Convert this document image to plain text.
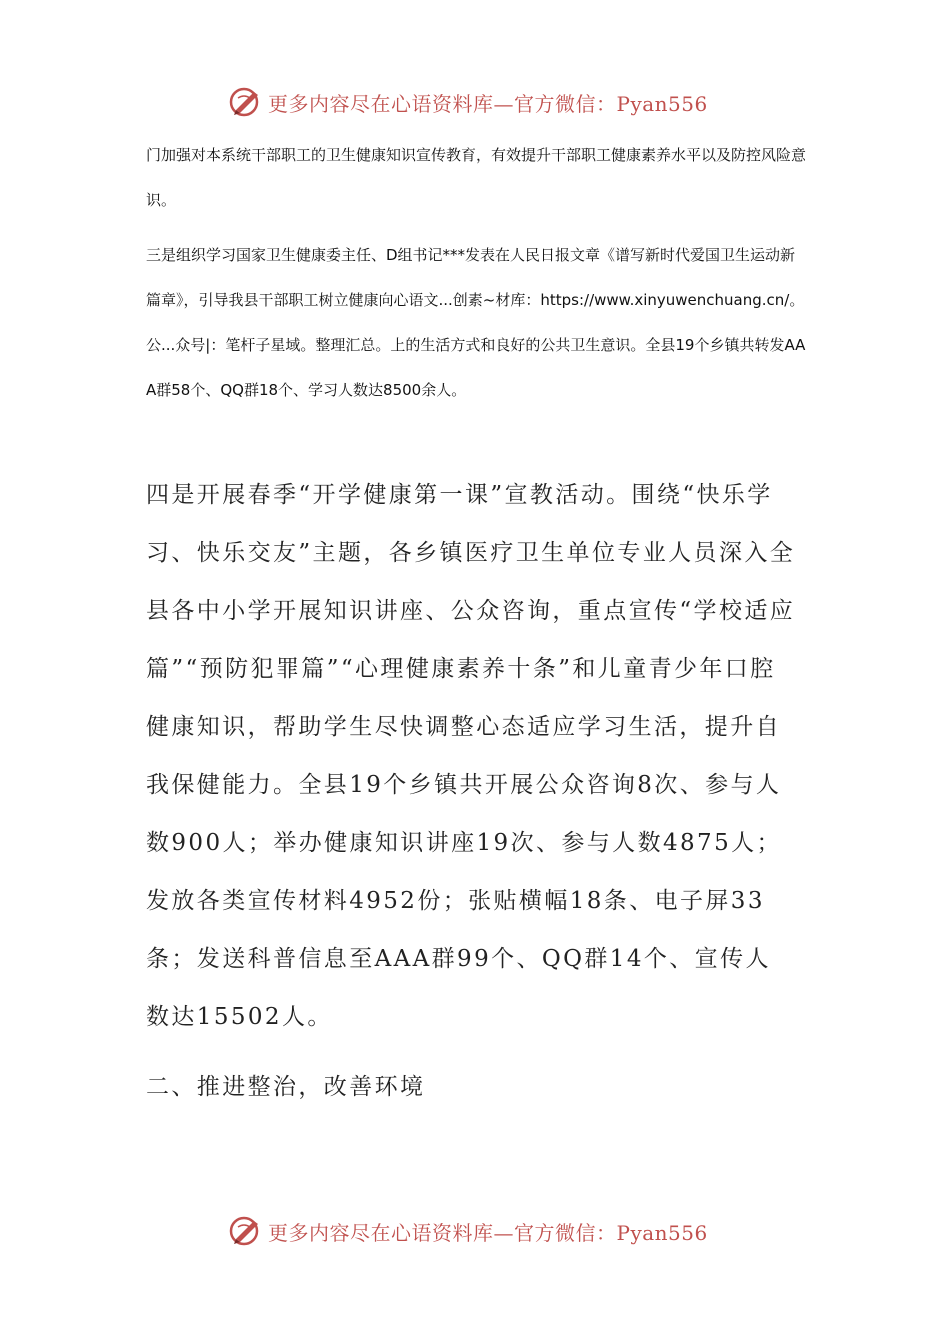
更多内容尽在心语资料库—官方微信：Pyan556

门加强对本系统干部职工的卫生健康知识宣传教育，有效提升干部职工健康素养水平以及防控风险意识。

三是组织学习国家卫生健康委主任、D组书记***发表在人民日报文章《谱写新时代爱国卫生运动新篇章》，引导我县干部职工树立健康向心语文...创素~材库：https://www.xinyuwenchuang.cn/。公...众号|：笔杆子星域。整理汇总。上的生活方式和良好的公共卫生意识。全县19个乡镇共转发AAA群58个、QQ群18个、学习人数达8500余人。

四是开展春季“开学健康第一课”宣教活动。围绕“快乐学习、快乐交友”主题，各乡镇医疗卫生单位专业人员深入全县各中小学开展知识讲座、公众咨询，重点宣传“学校适应篇”“预防犯罪篇”“心理健康素养十条”和儿童青少年口腔健康知识，帮助学生尽快调整心态适应学习生活，提升自我保健能力。全县19个乡镇共开展公众咨询8次、参与人数900人；举办健康知识讲座19次、参与人数4875人；发放各类宣传材料4952份；张贴横幅18条、电子屏33条；发送科普信息至AAA群99个、QQ群14个、宣传人数达15502人。

二、推进整治，改善环境
更多内容尽在心语资料库—官方微信：Pyan556
